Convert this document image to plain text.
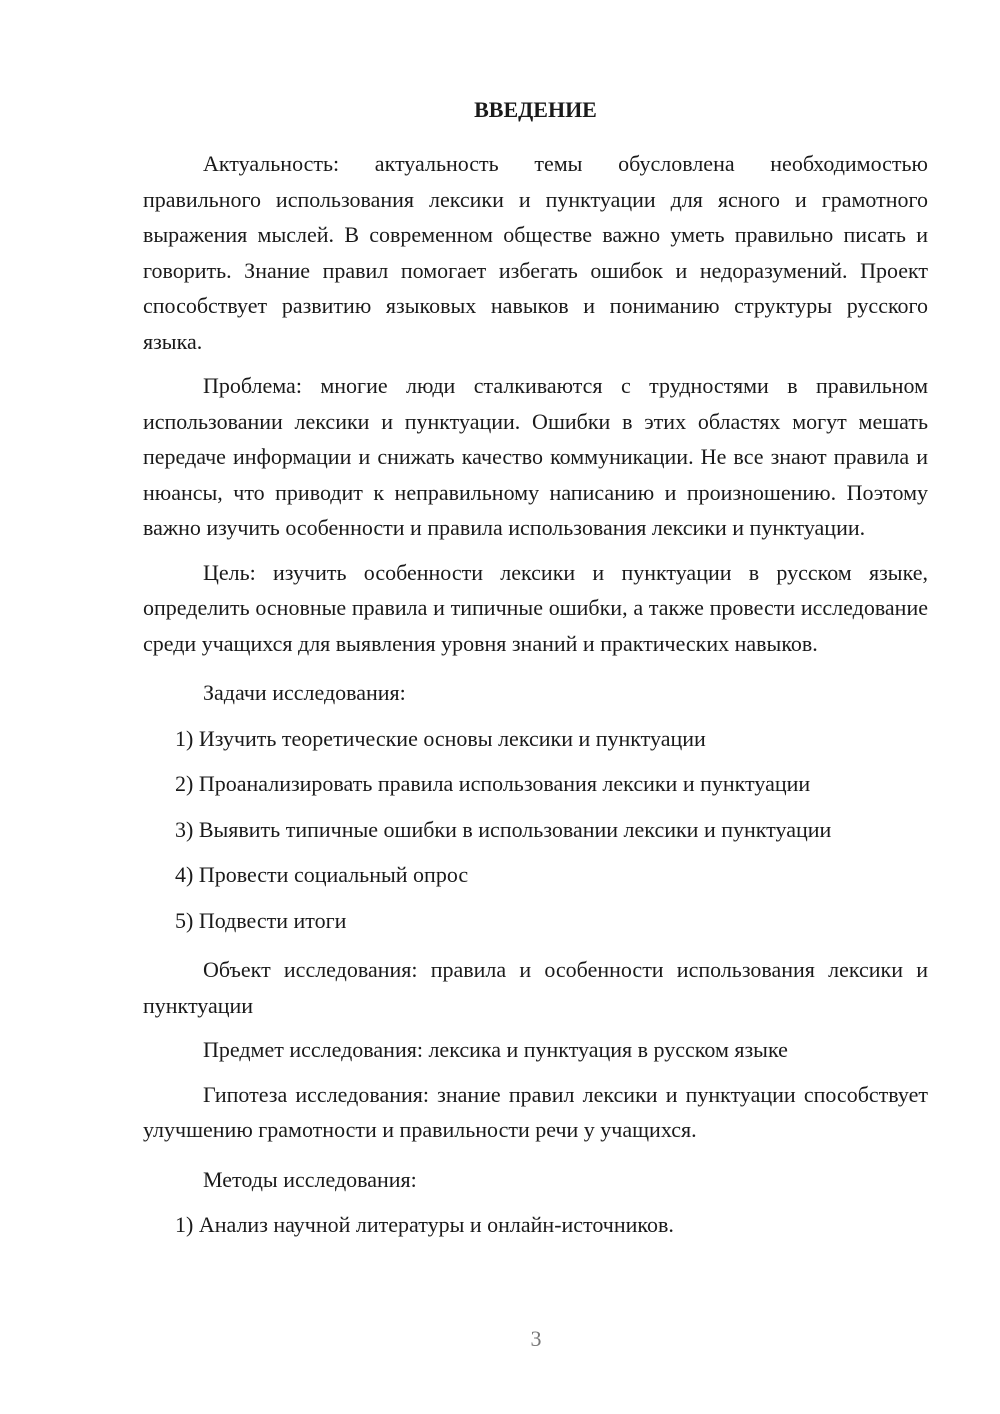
ВВЕДЕНИЕ

Актуальность: актуальность темы обусловлена необходимостью правильного использования лексики и пунктуации для ясного и грамотного выражения мыслей. В современном обществе важно уметь правильно писать и говорить. Знание правил помогает избегать ошибок и недоразумений. Проект способствует развитию языковых навыков и пониманию структуры русского языка.

Проблема: многие люди сталкиваются с трудностями в правильном использовании лексики и пунктуации. Ошибки в этих областях могут мешать передаче информации и снижать качество коммуникации. Не все знают правила и нюансы, что приводит к неправильному написанию и произношению. Поэтому важно изучить особенности и правила использования лексики и пунктуации.

Цель: изучить особенности лексики и пунктуации в русском языке, определить основные правила и типичные ошибки, а также провести исследование среди учащихся для выявления уровня знаний и практических навыков.

Задачи исследования:

1) Изучить теоретические основы лексики и пунктуации

2) Проанализировать правила использования лексики и пунктуации

3) Выявить типичные ошибки в использовании лексики и пунктуации

4) Провести социальный опрос

5) Подвести итоги

Объект исследования: правила и особенности использования лексики и пунктуации

Предмет исследования: лексика и пунктуация в русском языке

Гипотеза исследования: знание правил лексики и пунктуации способствует улучшению грамотности и правильности речи у учащихся.

Методы исследования:

1) Анализ научной литературы и онлайн-источников.

3
